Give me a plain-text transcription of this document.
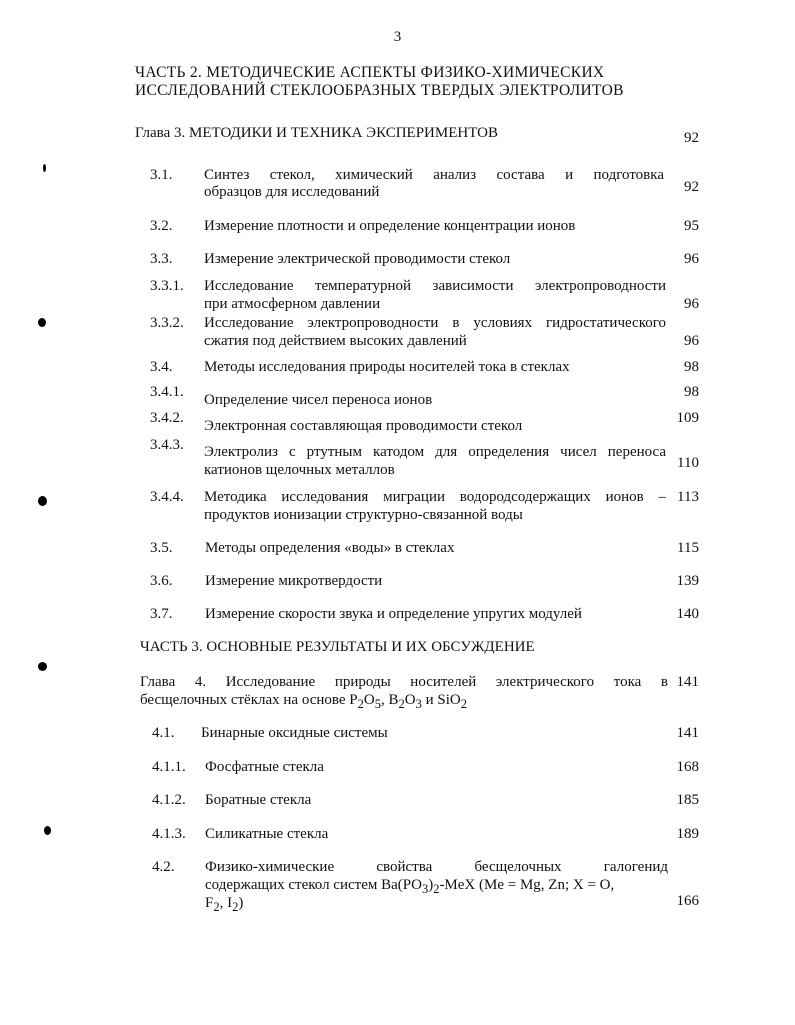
3
ЧАСТЬ 2. МЕТОДИЧЕСКИЕ АСПЕКТЫ ФИЗИКО-ХИМИЧЕСКИХ
ИССЛЕДОВАНИЙ СТЕКЛООБРАЗНЫХ ТВЕРДЫХ ЭЛЕКТРОЛИТОВ
Глава 3. МЕТОДИКИ И ТЕХНИКА ЭКСПЕРИМЕНТОВ	92
3.1. Синтез стекол, химический анализ состава и подготовка
образцов для исследований	92
3.2. Измерение плотности и определение концентрации ионов	95
3.3. Измерение электрической проводимости стекол	96
3.3.1. Исследование температурной зависимости электропроводности
при атмосферном давлении	96
3.3.2. Исследование электропроводности в условиях гидростатического
сжатия под действием высоких давлений	96
3.4. Методы исследования природы носителей тока в стеклах	98
3.4.1. Определение чисел переноса ионов	98
3.4.2. Электронная составляющая проводимости стекол	109
3.4.3. Электролиз с ртутным катодом для определения чисел переноса
катионов щелочных металлов	110
3.4.4. Методика исследования миграции водородсодержащих ионов –
продуктов ионизации структурно-связанной воды
113
3.5. Методы определения «воды» в стеклах	115
3.6. Измерение микротвердости	139
3.7. Измерение скорости звука и определение упругих модулей	140
ЧАСТЬ 3. ОСНОВНЫЕ РЕЗУЛЬТАТЫ И ИХ ОБСУЖДЕНИЕ
Глава 4. Исследование природы носителей электрического тока в
бесщелочных стёклах на основе $P_2O_5$, $B_2O_3$ и SiO$_2$
141
4.1. Бинарные оксидные системы	141
4.1.1. Фосфатные стекла	168
4.1.2. Боратные стекла	185
4.1.3. Силикатные стекла	189
4.2. Физико-химические свойства бесщелочных галогенид
содержащих стекол систем $Ba(PO_3)_2$-MeX (Me = Mg, Zn; X = O,
$F_2$, $I_2$)	166
